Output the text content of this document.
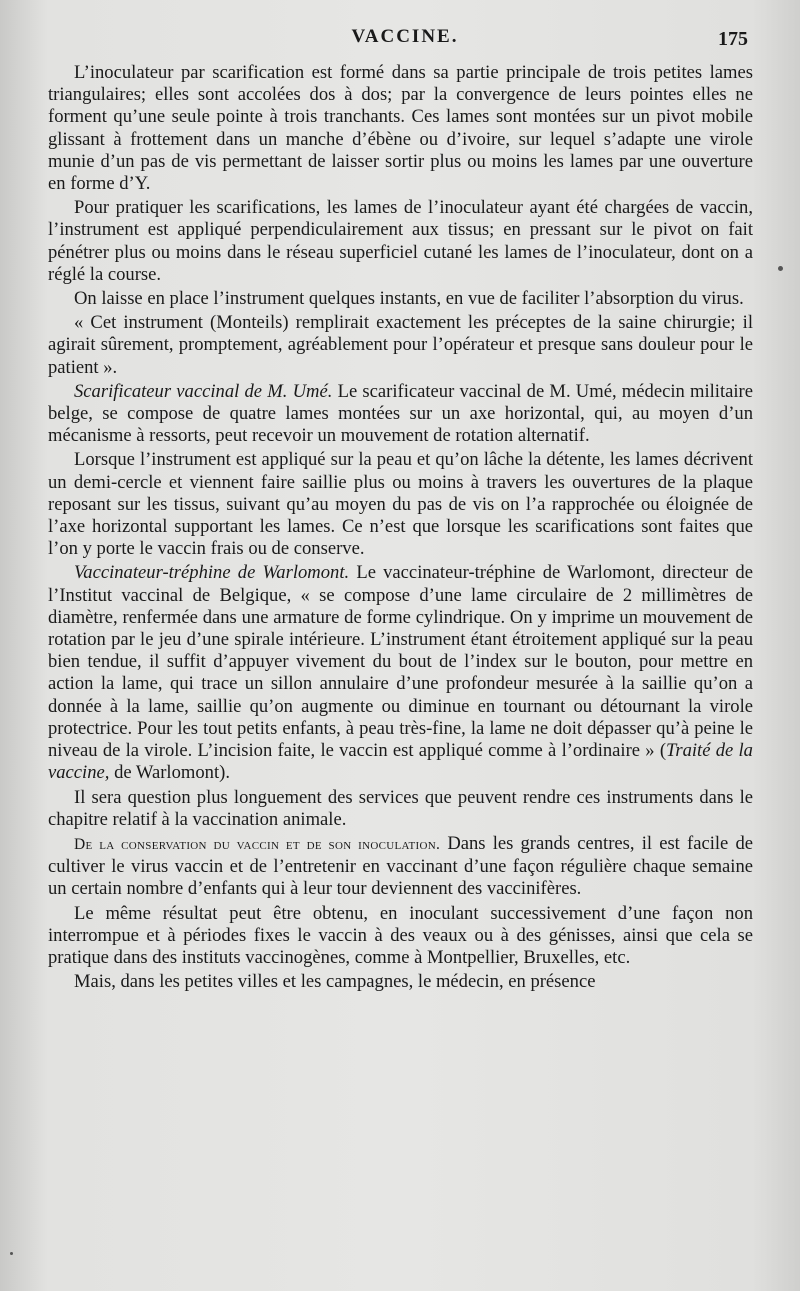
VACCINE.	175

L’inoculateur par scarification est formé dans sa partie principale de trois petites lames triangulaires; elles sont accolées dos à dos; par la convergence de leurs pointes elles ne forment qu’une seule pointe à trois tranchants. Ces lames sont montées sur un pivot mobile glissant à frottement dans un manche d’ébène ou d’ivoire, sur lequel s’adapte une virole munie d’un pas de vis permettant de laisser sortir plus ou moins les lames par une ouverture en forme d’Y.

Pour pratiquer les scarifications, les lames de l’inoculateur ayant été chargées de vaccin, l’instrument est appliqué perpendiculairement aux tissus; en pressant sur le pivot on fait pénétrer plus ou moins dans le réseau superficiel cutané les lames de l’inoculateur, dont on a réglé la course.

On laisse en place l’instrument quelques instants, en vue de faciliter l’absorption du virus.

« Cet instrument (Monteils) remplirait exactement les préceptes de la saine chirurgie; il agirait sûrement, promptement, agréablement pour l’opérateur et presque sans douleur pour le patient ».

Scarificateur vaccinal de M. Umé. Le scarificateur vaccinal de M. Umé, médecin militaire belge, se compose de quatre lames montées sur un axe horizontal, qui, au moyen d’un mécanisme à ressorts, peut recevoir un mouvement de rotation alternatif.

Lorsque l’instrument est appliqué sur la peau et qu’on lâche la détente, les lames décrivent un demi-cercle et viennent faire saillie plus ou moins à travers les ouvertures de la plaque reposant sur les tissus, suivant qu’au moyen du pas de vis on l’a rapprochée ou éloignée de l’axe horizontal supportant les lames. Ce n’est que lorsque les scarifications sont faites que l’on y porte le vaccin frais ou de conserve.

Vaccinateur-tréphine de Warlomont. Le vaccinateur-tréphine de Warlomont, directeur de l’Institut vaccinal de Belgique, « se compose d’une lame circulaire de 2 millimètres de diamètre, renfermée dans une armature de forme cylindrique. On y imprime un mouvement de rotation par le jeu d’une spirale intérieure. L’instrument étant étroitement appliqué sur la peau bien tendue, il suffit d’appuyer vivement du bout de l’index sur le bouton, pour mettre en action la lame, qui trace un sillon annulaire d’une profondeur mesurée à la saillie qu’on a donnée à la lame, saillie qu’on augmente ou diminue en tournant ou détournant la virole protectrice. Pour les tout petits enfants, à peau très-fine, la lame ne doit dépasser qu’à peine le niveau de la virole. L’incision faite, le vaccin est appliqué comme à l’ordinaire » (Traité de la vaccine, de Warlomont).

Il sera question plus longuement des services que peuvent rendre ces instruments dans le chapitre relatif à la vaccination animale.

De la conservation du vaccin et de son inoculation. Dans les grands centres, il est facile de cultiver le virus vaccin et de l’entretenir en vaccinant d’une façon régulière chaque semaine un certain nombre d’enfants qui à leur tour deviennent des vaccinifères.

Le même résultat peut être obtenu, en inoculant successivement d’une façon non interrompue et à périodes fixes le vaccin à des veaux ou à des génisses, ainsi que cela se pratique dans des instituts vaccinogènes, comme à Montpellier, Bruxelles, etc.

Mais, dans les petites villes et les campagnes, le médecin, en présence
